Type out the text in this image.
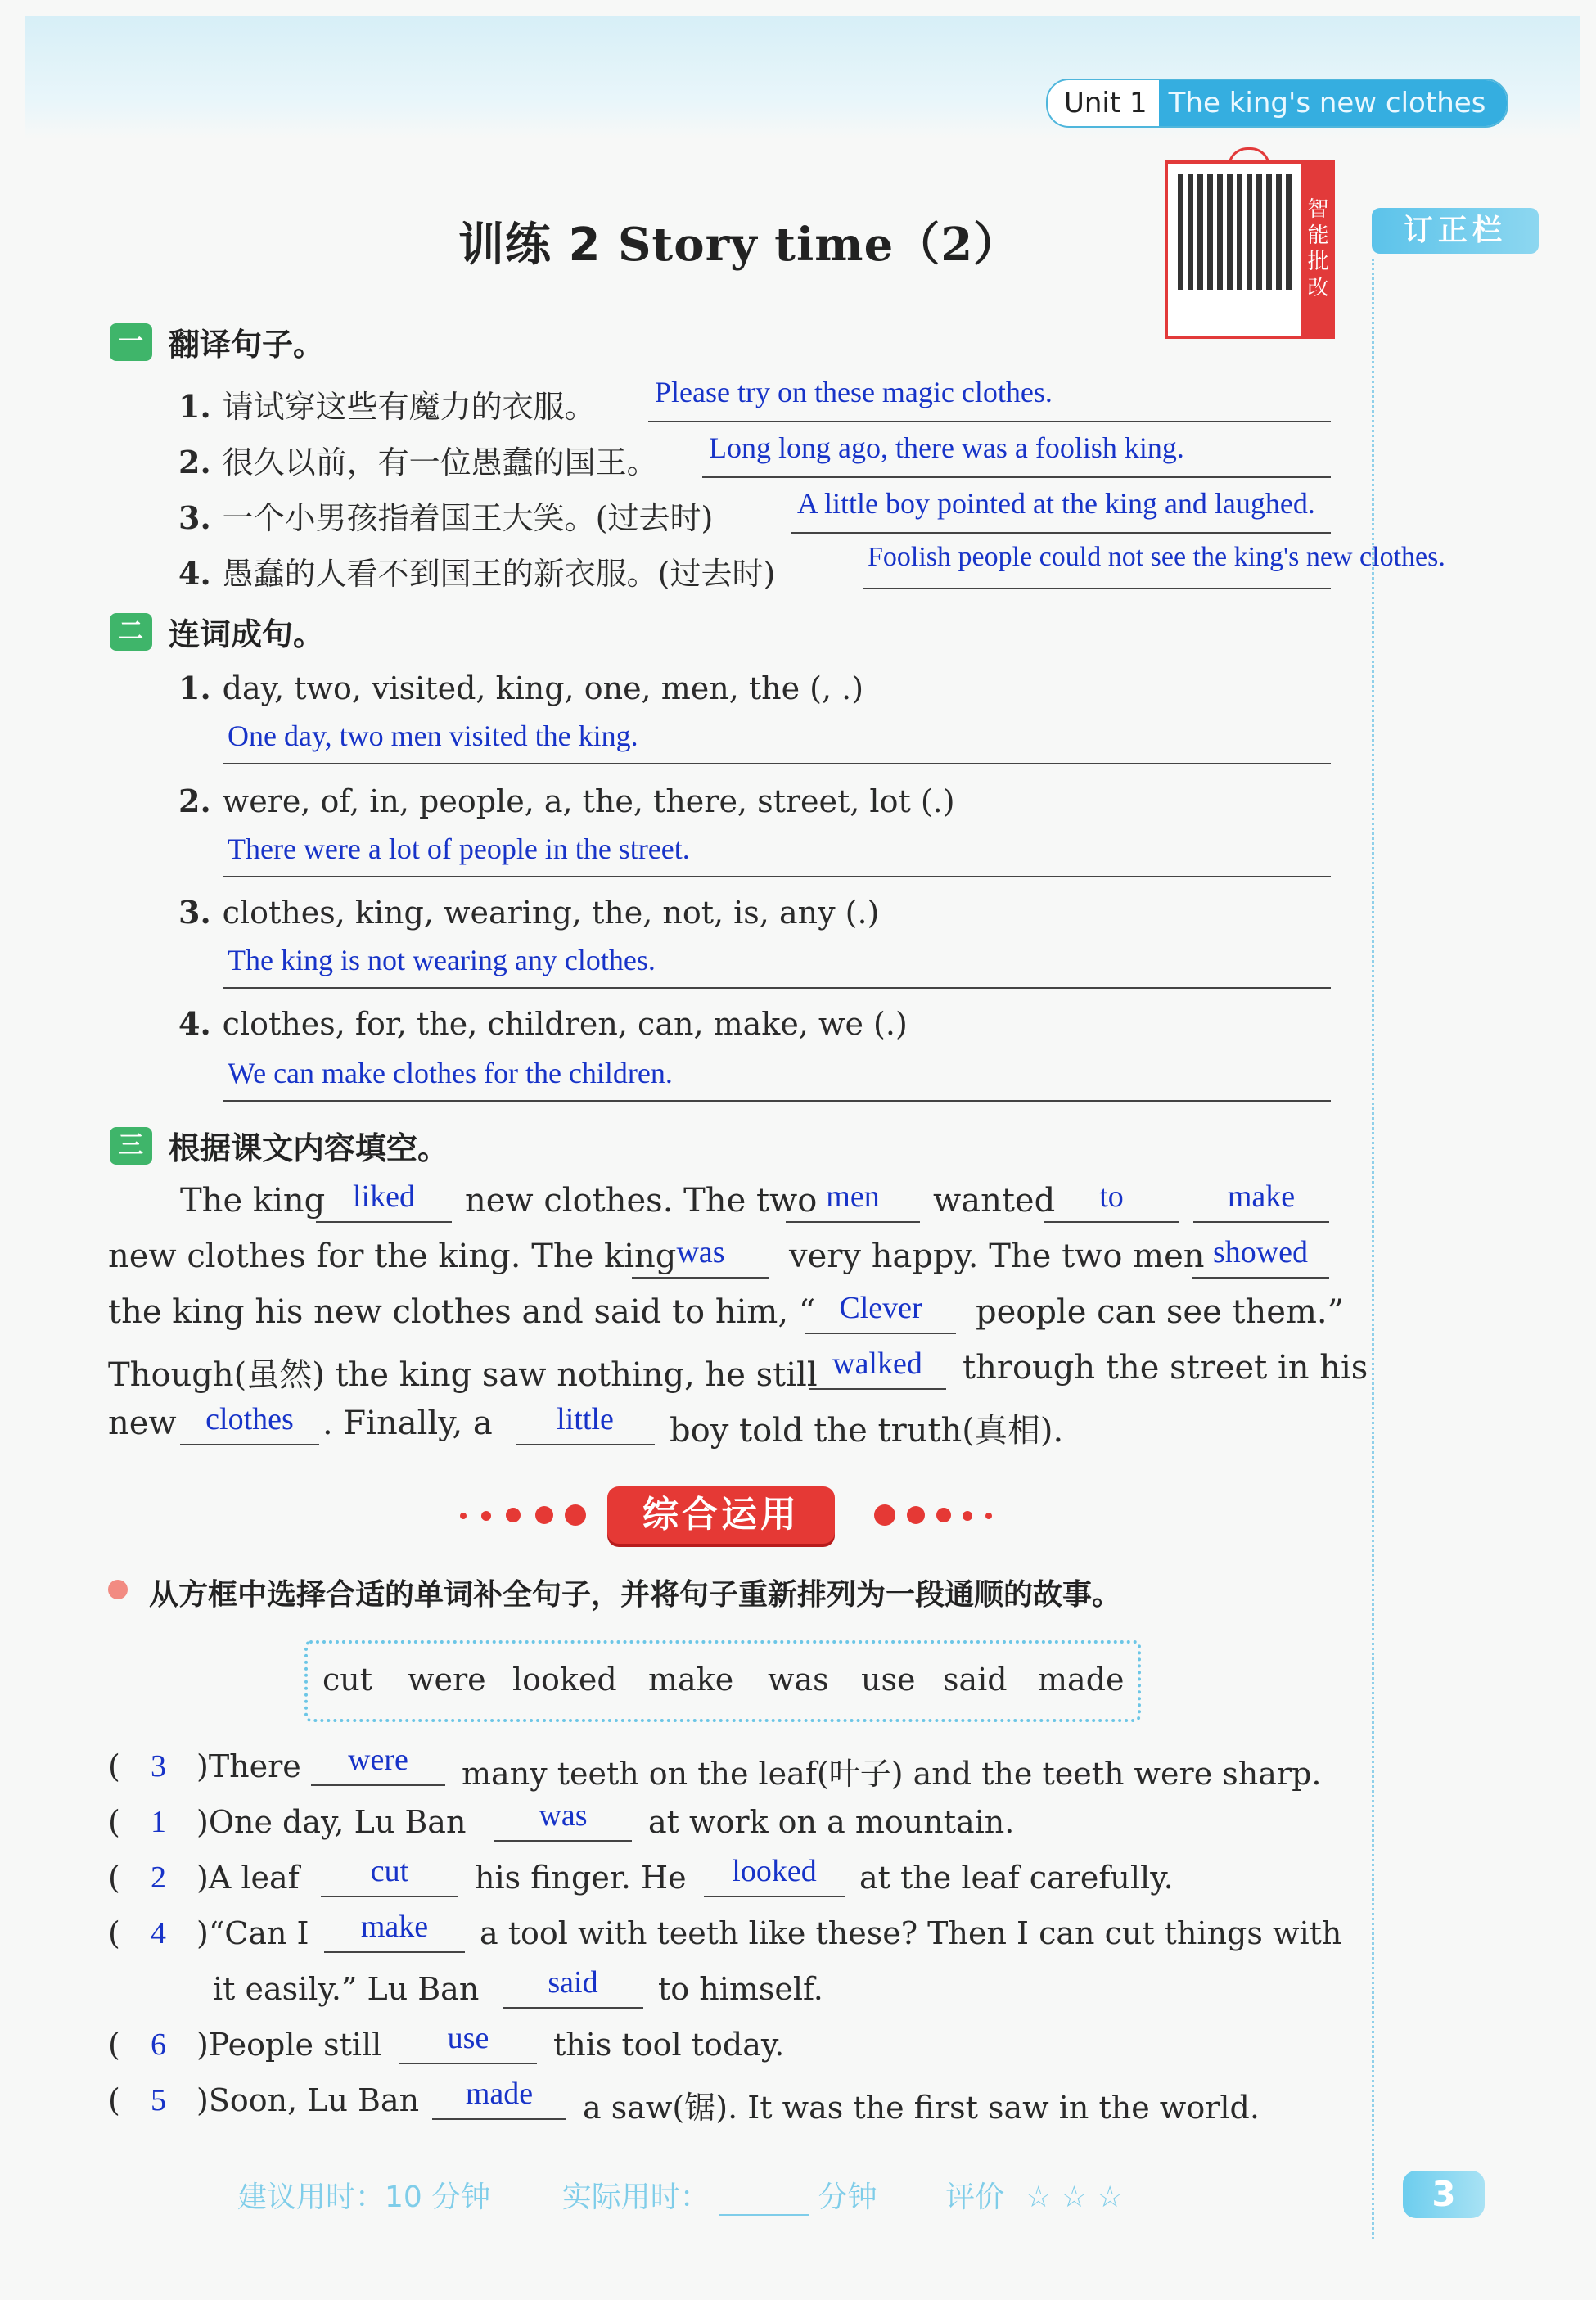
Unit 1 The king's new clothes
训练 2 Story time（2）	智能批改	订正栏
一 翻译句子。
1. 请试穿这些有魔力的衣服。 Please try on these magic clothes.
2. 很久以前，有一位愚蠢的国王。 Long long ago, there was a foolish king.
3. 一个小男孩指着国王大笑。(过去时)	A little boy pointed at the king and laughed.
4. 愚蠢的人看不到国王的新衣服。(过去时)	Foolish people could not see the king's new clothes.
二 连词成句。
1. day, two, visited, king, one, men, the (, .)
One day, two men visited the king.
2. were, of, in, people, a, the, there, street, lot (.)
There were a lot of people in the street.
3. clothes, king, wearing, the, not, is, any (.)
The king is not wearing any clothes.
4. clothes, for, the, children, can, make, we (.)
We can make clothes for the children.
三 根据课文内容填空。
The king liked	new clothes. The two men	wanted	to	make
new clothes for the king. The king was	very happy. The two men showed
the king his new clothes and said to him, “ Clever	people can see them.”
Though(虽然) the king saw nothing, he still walked	through the street in his
new clothes . Finally, a	little	boy told the truth(真相).
综合运用
从方框中选择合适的单词补全句子，并将句子重新排列为一段通顺的故事。
cut were looked make was use said made
( 3 )There	were	many teeth on the leaf(叶子) and the teeth were sharp.
( 1 )One day, Lu Ban	was	at work on a mountain.
( 2 )A leaf	cut	his finger. He	looked	at the leaf carefully.
( 4 )“Can I	make	a tool with teeth like these? Then I can cut things with
it easily.” Lu Ban	said	to himself.
( 6 )People still	use	this tool today.
( 5 )Soon, Lu Ban	made	a saw(锯). It was the first saw in the world.
建议用时：10 分钟 实际用时：	分钟 评价 ☆ ☆ ☆	3
